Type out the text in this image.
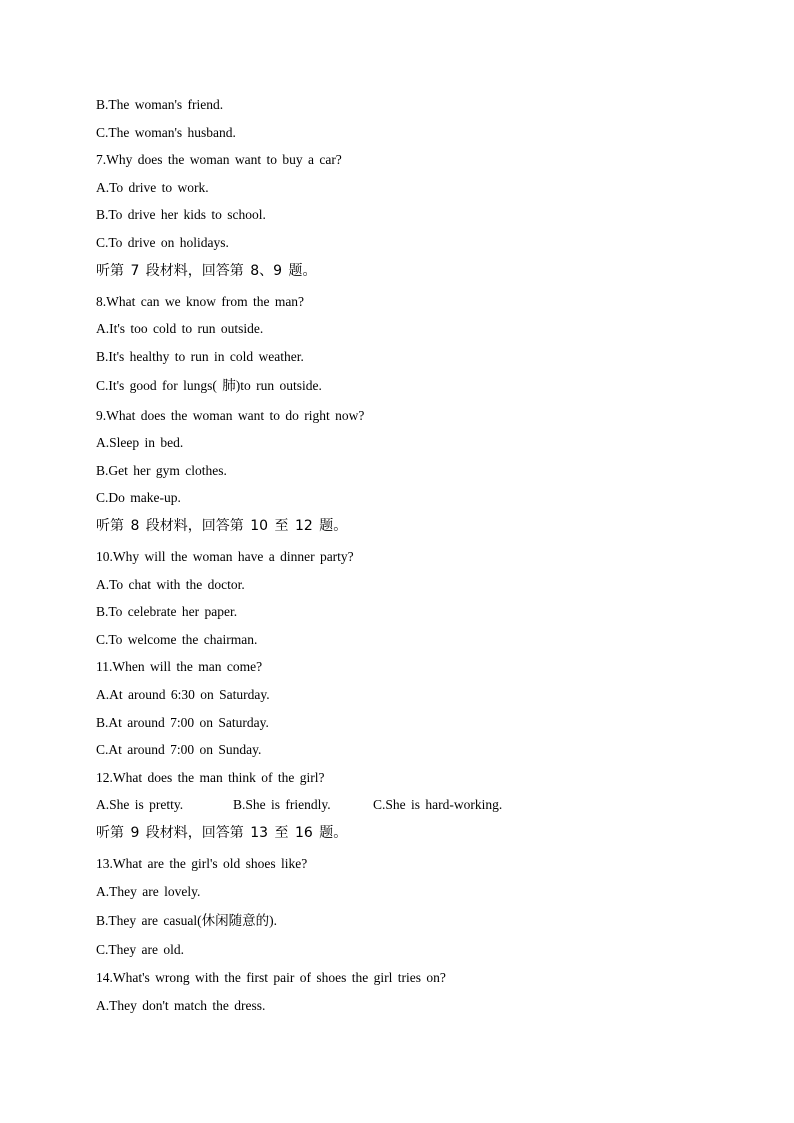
B.The woman's friend.
C.The woman's husband.
7.Why does the woman want to buy a car?
A.To drive to work.
B.To drive her kids to school.
C.To drive on holidays.
听第 7 段材料，回答第 8、9 题。
8.What can we know from the man?
A.It's too cold to run outside.
B.It's healthy to run in cold weather.
C.It's good for lungs( 肺)to run outside.
9.What does the woman want to do right now?
A.Sleep in bed.
B.Get her gym clothes.
C.Do make-up.
听第 8 段材料，回答第 10 至 12 题。
10.Why will the woman have a dinner party?
A.To chat with the doctor.
B.To celebrate her paper.
C.To welcome the chairman.
11.When will the man come?
A.At around 6:30 on Saturday.
B.At around 7:00 on Saturday.
C.At around 7:00 on Sunday.
12.What does the man think of the girl?
A.She is pretty.	B.She is friendly.	C.She is hard-working.
听第 9 段材料，回答第 13 至 16 题。
13.What are the girl's old shoes like?
A.They are lovely.
B.They are casual(休闲随意的).
C.They are old.
14.What's wrong with the first pair of shoes the girl tries on?
A.They don't match the dress.
